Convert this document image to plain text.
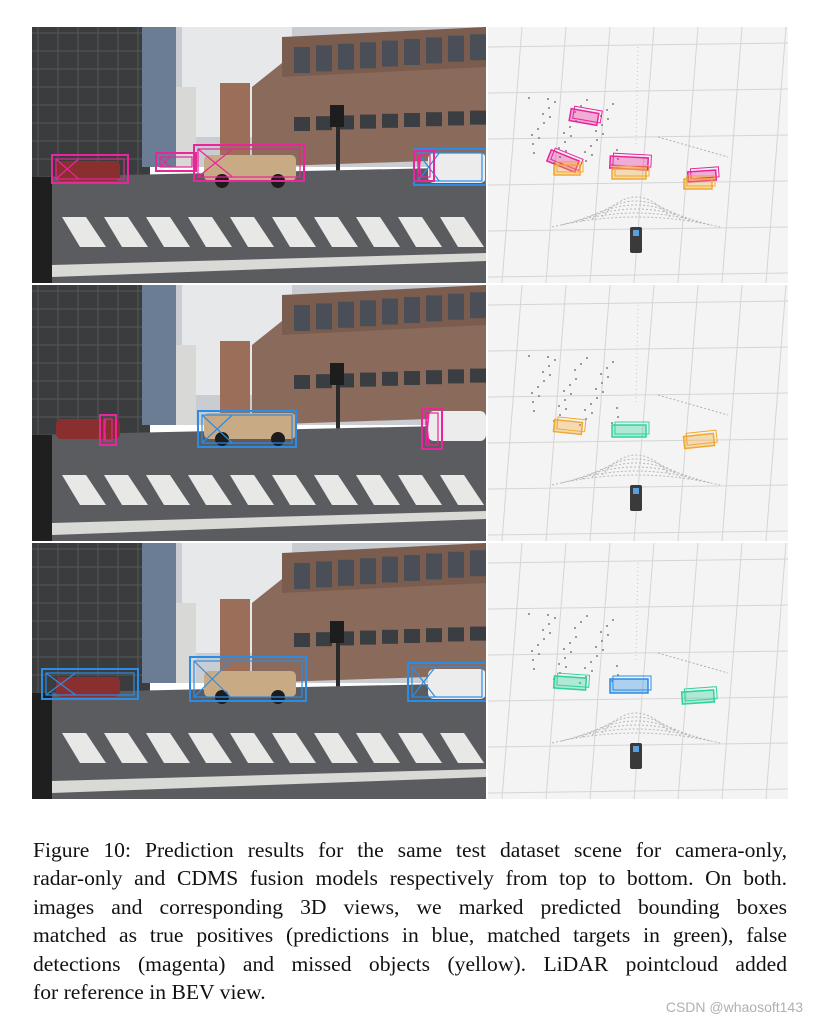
Figure 10: Prediction results for the same test dataset scene for camera-only,
radar-only and CDMS fusion models respectively from top to bottom. On both.
images and corresponding 3D views, we marked predicted bounding boxes
matched as true positives (predictions in blue, matched targets in green), false
detections (magenta) and missed objects (yellow). LiDAR pointcloud added
for reference in BEV view.
CSDN @whaosoft143
